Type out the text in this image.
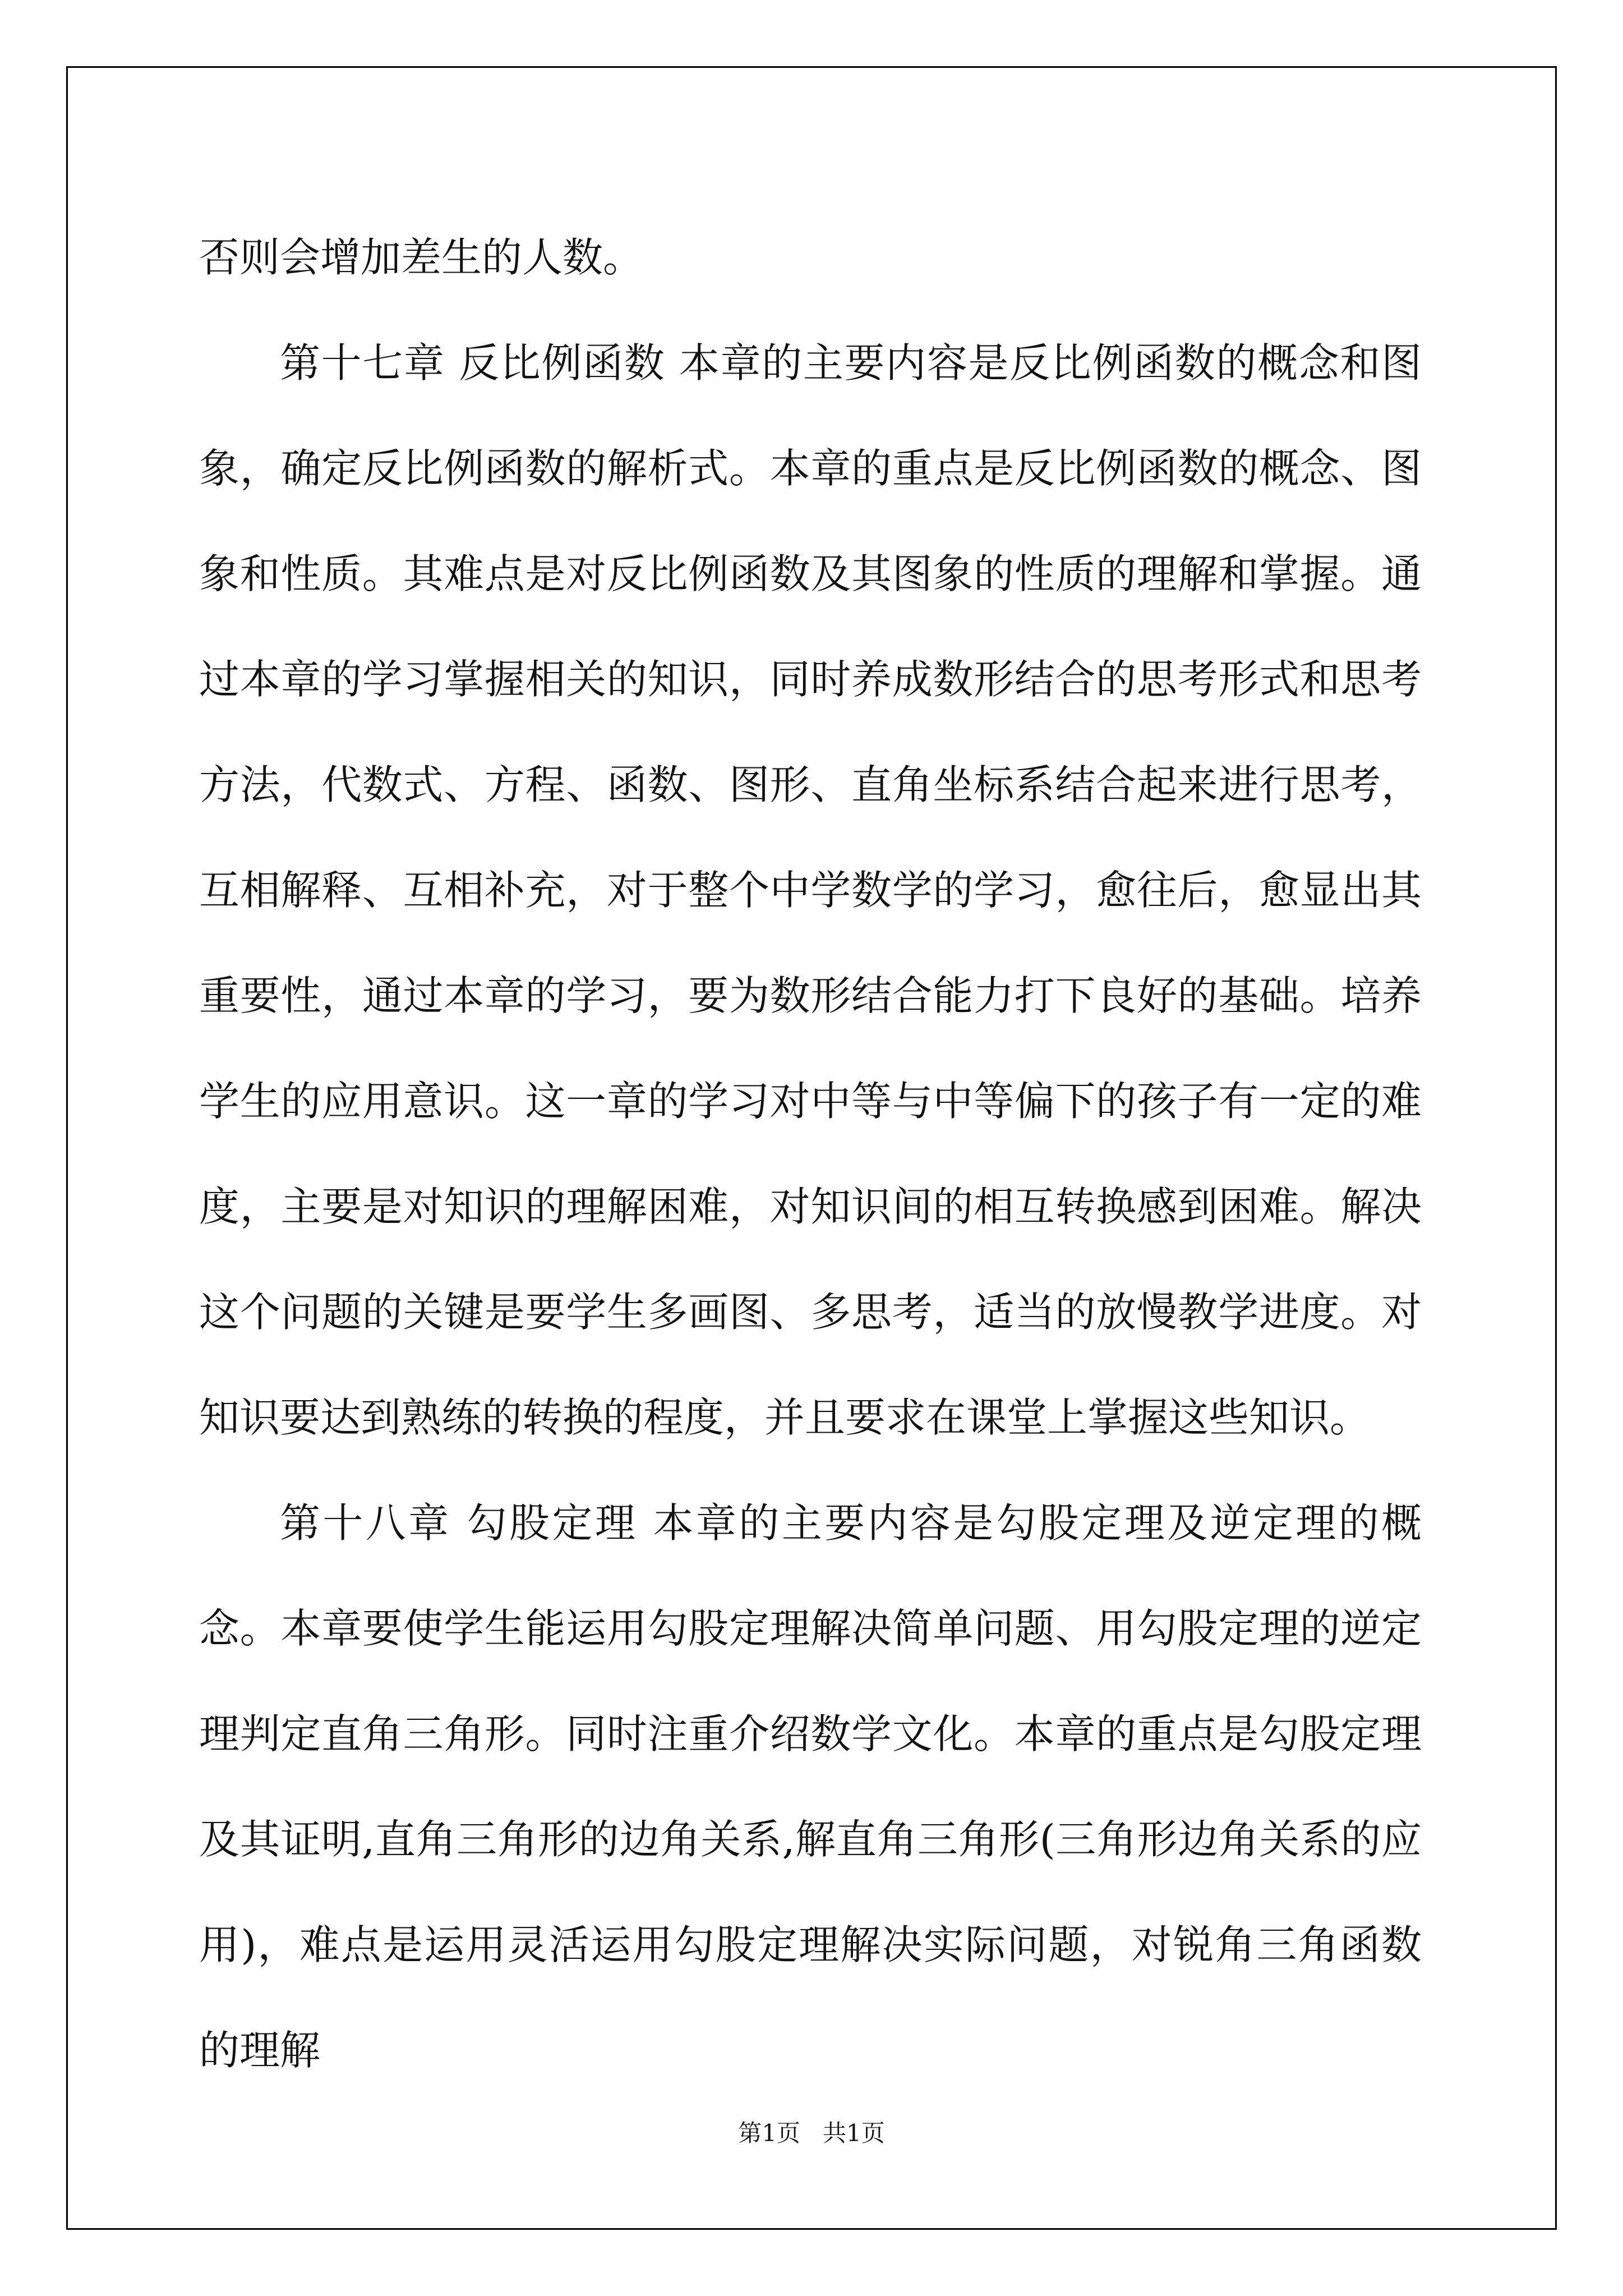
否则会增加差生的人数。

第十七章 反比例函数 本章的主要内容是反比例函数的概念和图象，确定反比例函数的解析式。本章的重点是反比例函数的概念、图象和性质。其难点是对反比例函数及其图象的性质的理解和掌握。通过本章的学习掌握相关的知识，同时养成数形结合的思考形式和思考方法，代数式、方程、函数、图形、直角坐标系结合起来进行思考，互相解释、互相补充，对于整个中学数学的学习，愈往后，愈显出其重要性，通过本章的学习，要为数形结合能力打下良好的基础。培养学生的应用意识。这一章的学习对中等与中等偏下的孩子有一定的难度，主要是对知识的理解困难，对知识间的相互转换感到困难。解决这个问题的关键是要学生多画图、多思考，适当的放慢教学进度。对知识要达到熟练的转换的程度，并且要求在课堂上掌握这些知识。

第十八章 勾股定理 本章的主要内容是勾股定理及逆定理的概念。本章要使学生能运用勾股定理解决简单问题、用勾股定理的逆定理判定直角三角形。同时注重介绍数学文化。本章的重点是勾股定理及其证明,直角三角形的边角关系,解直角三角形(三角形边角关系的应用)，难点是运用灵活运用勾股定理解决实际问题，对锐角三角函数的理解

第1页   共1页
